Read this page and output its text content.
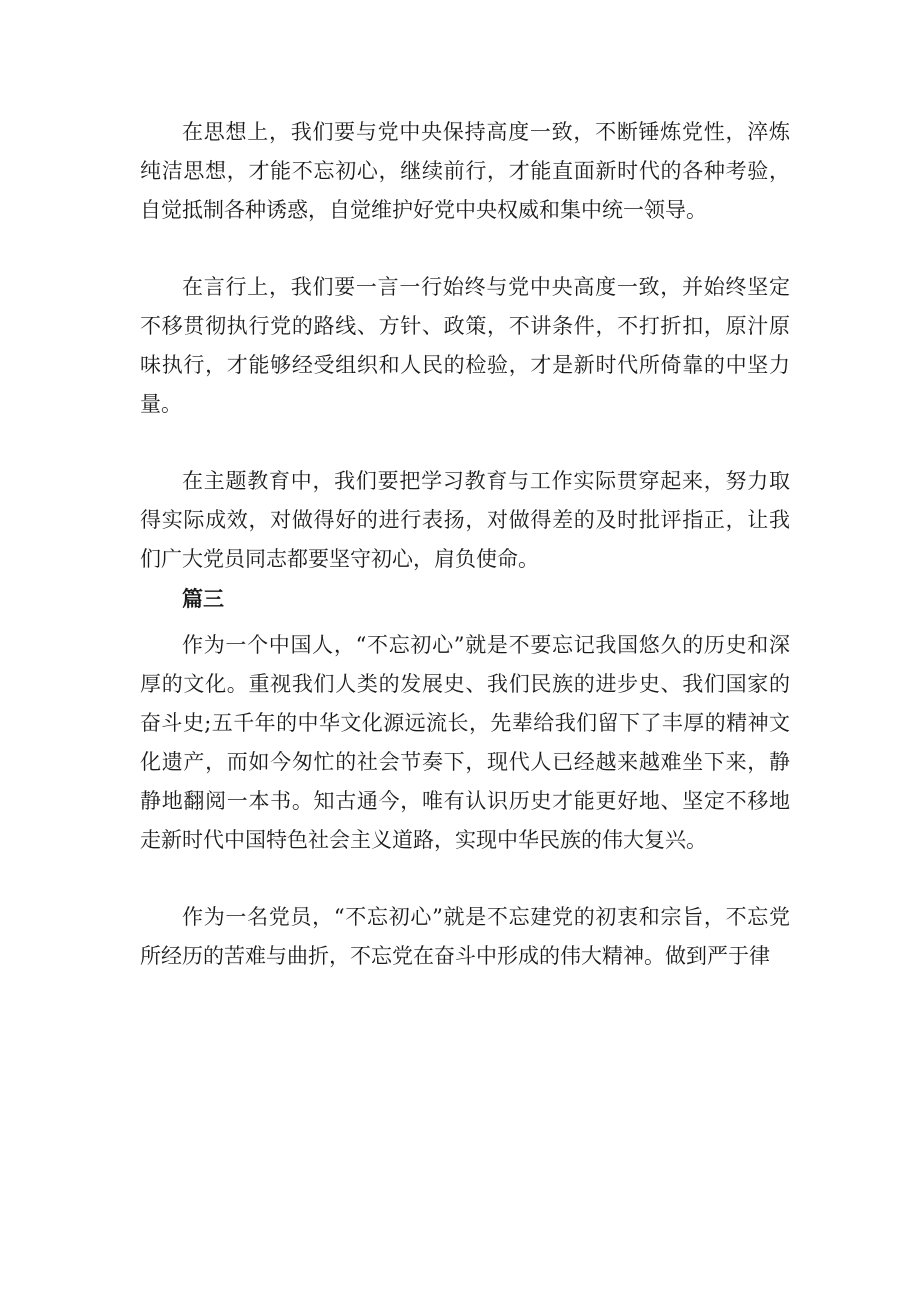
在思想上，我们要与党中央保持高度一致，不断锤炼党性，淬炼纯洁思想，才能不忘初心，继续前行，才能直面新时代的各种考验，自觉抵制各种诱惑，自觉维护好党中央权威和集中统一领导。

在言行上，我们要一言一行始终与党中央高度一致，并始终坚定不移贯彻执行党的路线、方针、政策，不讲条件，不打折扣，原汁原味执行，才能够经受组织和人民的检验，才是新时代所倚靠的中坚力量。

在主题教育中，我们要把学习教育与工作实际贯穿起来，努力取得实际成效，对做得好的进行表扬，对做得差的及时批评指正，让我们广大党员同志都要坚守初心，肩负使命。

篇三

作为一个中国人，“不忘初心”就是不要忘记我国悠久的历史和深厚的文化。重视我们人类的发展史、我们民族的进步史、我们国家的奋斗史;五千年的中华文化源远流长，先辈给我们留下了丰厚的精神文化遗产，而如今匆忙的社会节奏下，现代人已经越来越难坐下来，静静地翻阅一本书。知古通今，唯有认识历史才能更好地、坚定不移地走新时代中国特色社会主义道路，实现中华民族的伟大复兴。

作为一名党员，“不忘初心”就是不忘建党的初衷和宗旨，不忘党所经历的苦难与曲折，不忘党在奋斗中形成的伟大精神。做到严于律
